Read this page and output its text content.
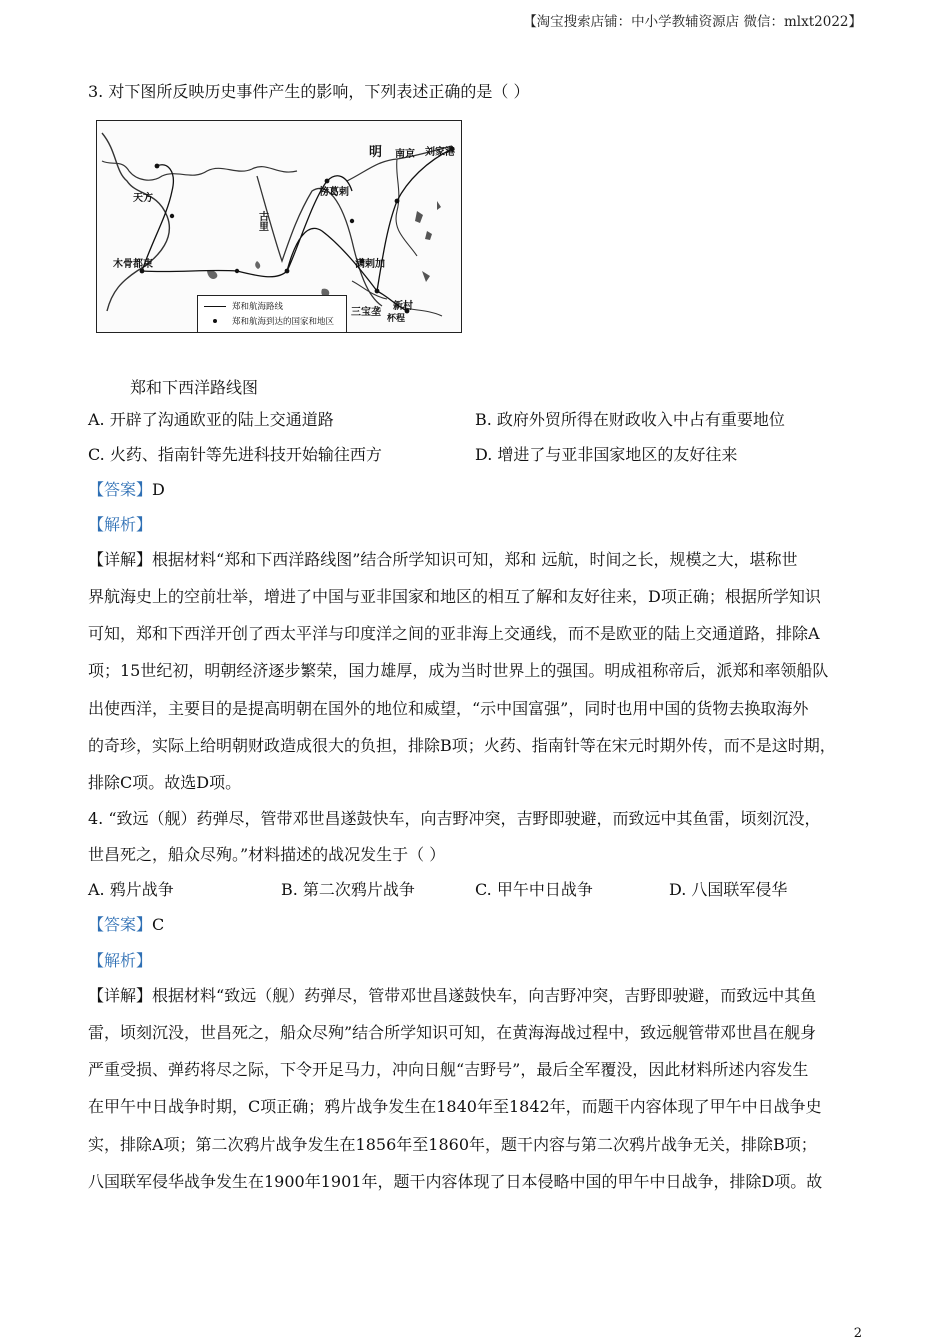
【淘宝搜索店铺：中小学教辅资源店 微信：mlxt2022】
3. 对下图所反映历史事件产生的影响，下列表述正确的是（ ）
明 南京 刘家港
天方
榜葛剌
古里
木骨都束	满剌加
三宝垄
新村
杯程
郑和航海路线
郑和航海到达的国家和地区
郑和下西洋路线图
A. 开辟了沟通欧亚的陆上交通道路	B. 政府外贸所得在财政收入中占有重要地位
C. 火药、指南针等先进科技开始输往西方	D. 增进了与亚非国家地区的友好往来
【答案】D
【解析】
【详解】根据材料“郑和下西洋路线图”结合所学知识可知，郑和 远航，时间之长，规模之大，堪称世
界航海史上的空前壮举，增进了中国与亚非国家和地区的相互了解和友好往来，D项正确；根据所学知识
可知，郑和下西洋开创了西太平洋与印度洋之间的亚非海上交通线，而不是欧亚的陆上交通道路，排除A
项；15世纪初，明朝经济逐步繁荣，国力雄厚，成为当时世界上的强国。明成祖称帝后，派郑和率领船队
出使西洋，主要目的是提高明朝在国外的地位和威望，“示中国富强”，同时也用中国的货物去换取海外
的奇珍，实际上给明朝财政造成很大的负担，排除B项；火药、指南针等在宋元时期外传，而不是这时期，
排除C项。故选D项。
4. “致远（舰）药弹尽，管带邓世昌遂鼓快车，向吉野冲突，吉野即驶避，而致远中其鱼雷，顷刻沉没，
世昌死之，船众尽殉。”材料描述的战况发生于（ ）
A. 鸦片战争	B. 第二次鸦片战争	C. 甲午中日战争	D. 八国联军侵华
【答案】C
【解析】
【详解】根据材料“致远（舰）药弹尽，管带邓世昌遂鼓快车，向吉野冲突，吉野即驶避，而致远中其鱼
雷，顷刻沉没，世昌死之，船众尽殉”结合所学知识可知，在黄海海战过程中，致远舰管带邓世昌在舰身
严重受损、弹药将尽之际，下令开足马力，冲向日舰“吉野号”，最后全军覆没，因此材料所述内容发生
在甲午中日战争时期，C项正确；鸦片战争发生在1840年至1842年，而题干内容体现了甲午中日战争史
实，排除A项；第二次鸦片战争发生在1856年至1860年，题干内容与第二次鸦片战争无关，排除B项；
八国联军侵华战争发生在1900年1901年，题干内容体现了日本侵略中国的甲午中日战争，排除D项。故
2
